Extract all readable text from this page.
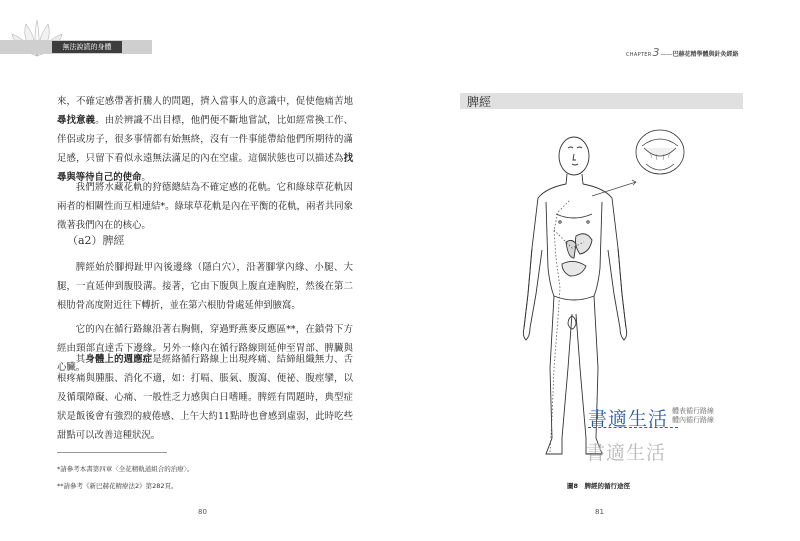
無法說謊的身體
來，不確定感帶著折騰人的問題，擠入當事人的意識中，促使他痛苦地尋找意義。由於辨識不出目標，他們便不斷地嘗試，比如經常換工作、伴侶或房子，很多事情都有始無終，沒有一件事能帶給他們所期待的滿足感，只留下看似永遠無法滿足的內在空虛。這個狀態也可以描述為找尋與等待自己的使命。
我們將水藏花軌的狩德總結為不確定感的花軌。它和綠球草花軌因兩者的相關性而互相連結*。綠球草花軌是內在平衡的花軌，兩者共同象徵著我們內在的核心。
（a2）脾經
脾經始於腳拇趾甲內後邊緣（隱白穴），沿著腳掌內緣、小腿、大腿，一直延伸到腹股溝。接著，它由下腹與上腹直達胸腔，然後在第二根肋骨高度附近往下轉折，並在第六根肋骨處延伸到腋窩。
它的內在循行路線沿著右胸側，穿過野燕麥反應區**，在鎖骨下方經由頸部直達舌下邊緣。另外一條內在循行路線則延伸至胃部、脾臟與心臟。
其身體上的週應症是經絡循行路線上出現疼痛、結締組織無力、舌根疼痛與腫脹、消化不適，如：打嗝、脹氣、腹瀉、便祕、腹痙攣，以及循環障礙、心痛、一般性乏力感與白日嗜睡。脾經有問題時，典型症狀是飯後會有強烈的疲倦感、上午大約11點時也會感到虛弱，此時吃些甜點可以改善這種狀況。
*請參考本書第四章〈全花精軌道組合的治療〉。
**請參考《新巴赫花精療法2》第282頁。
80
CHAPTER3——巴赫花精學體與針灸經絡
脾經
書適生活 體表循行路線
體內循行路線
書適生活
圖8　脾經的循行途徑
81
